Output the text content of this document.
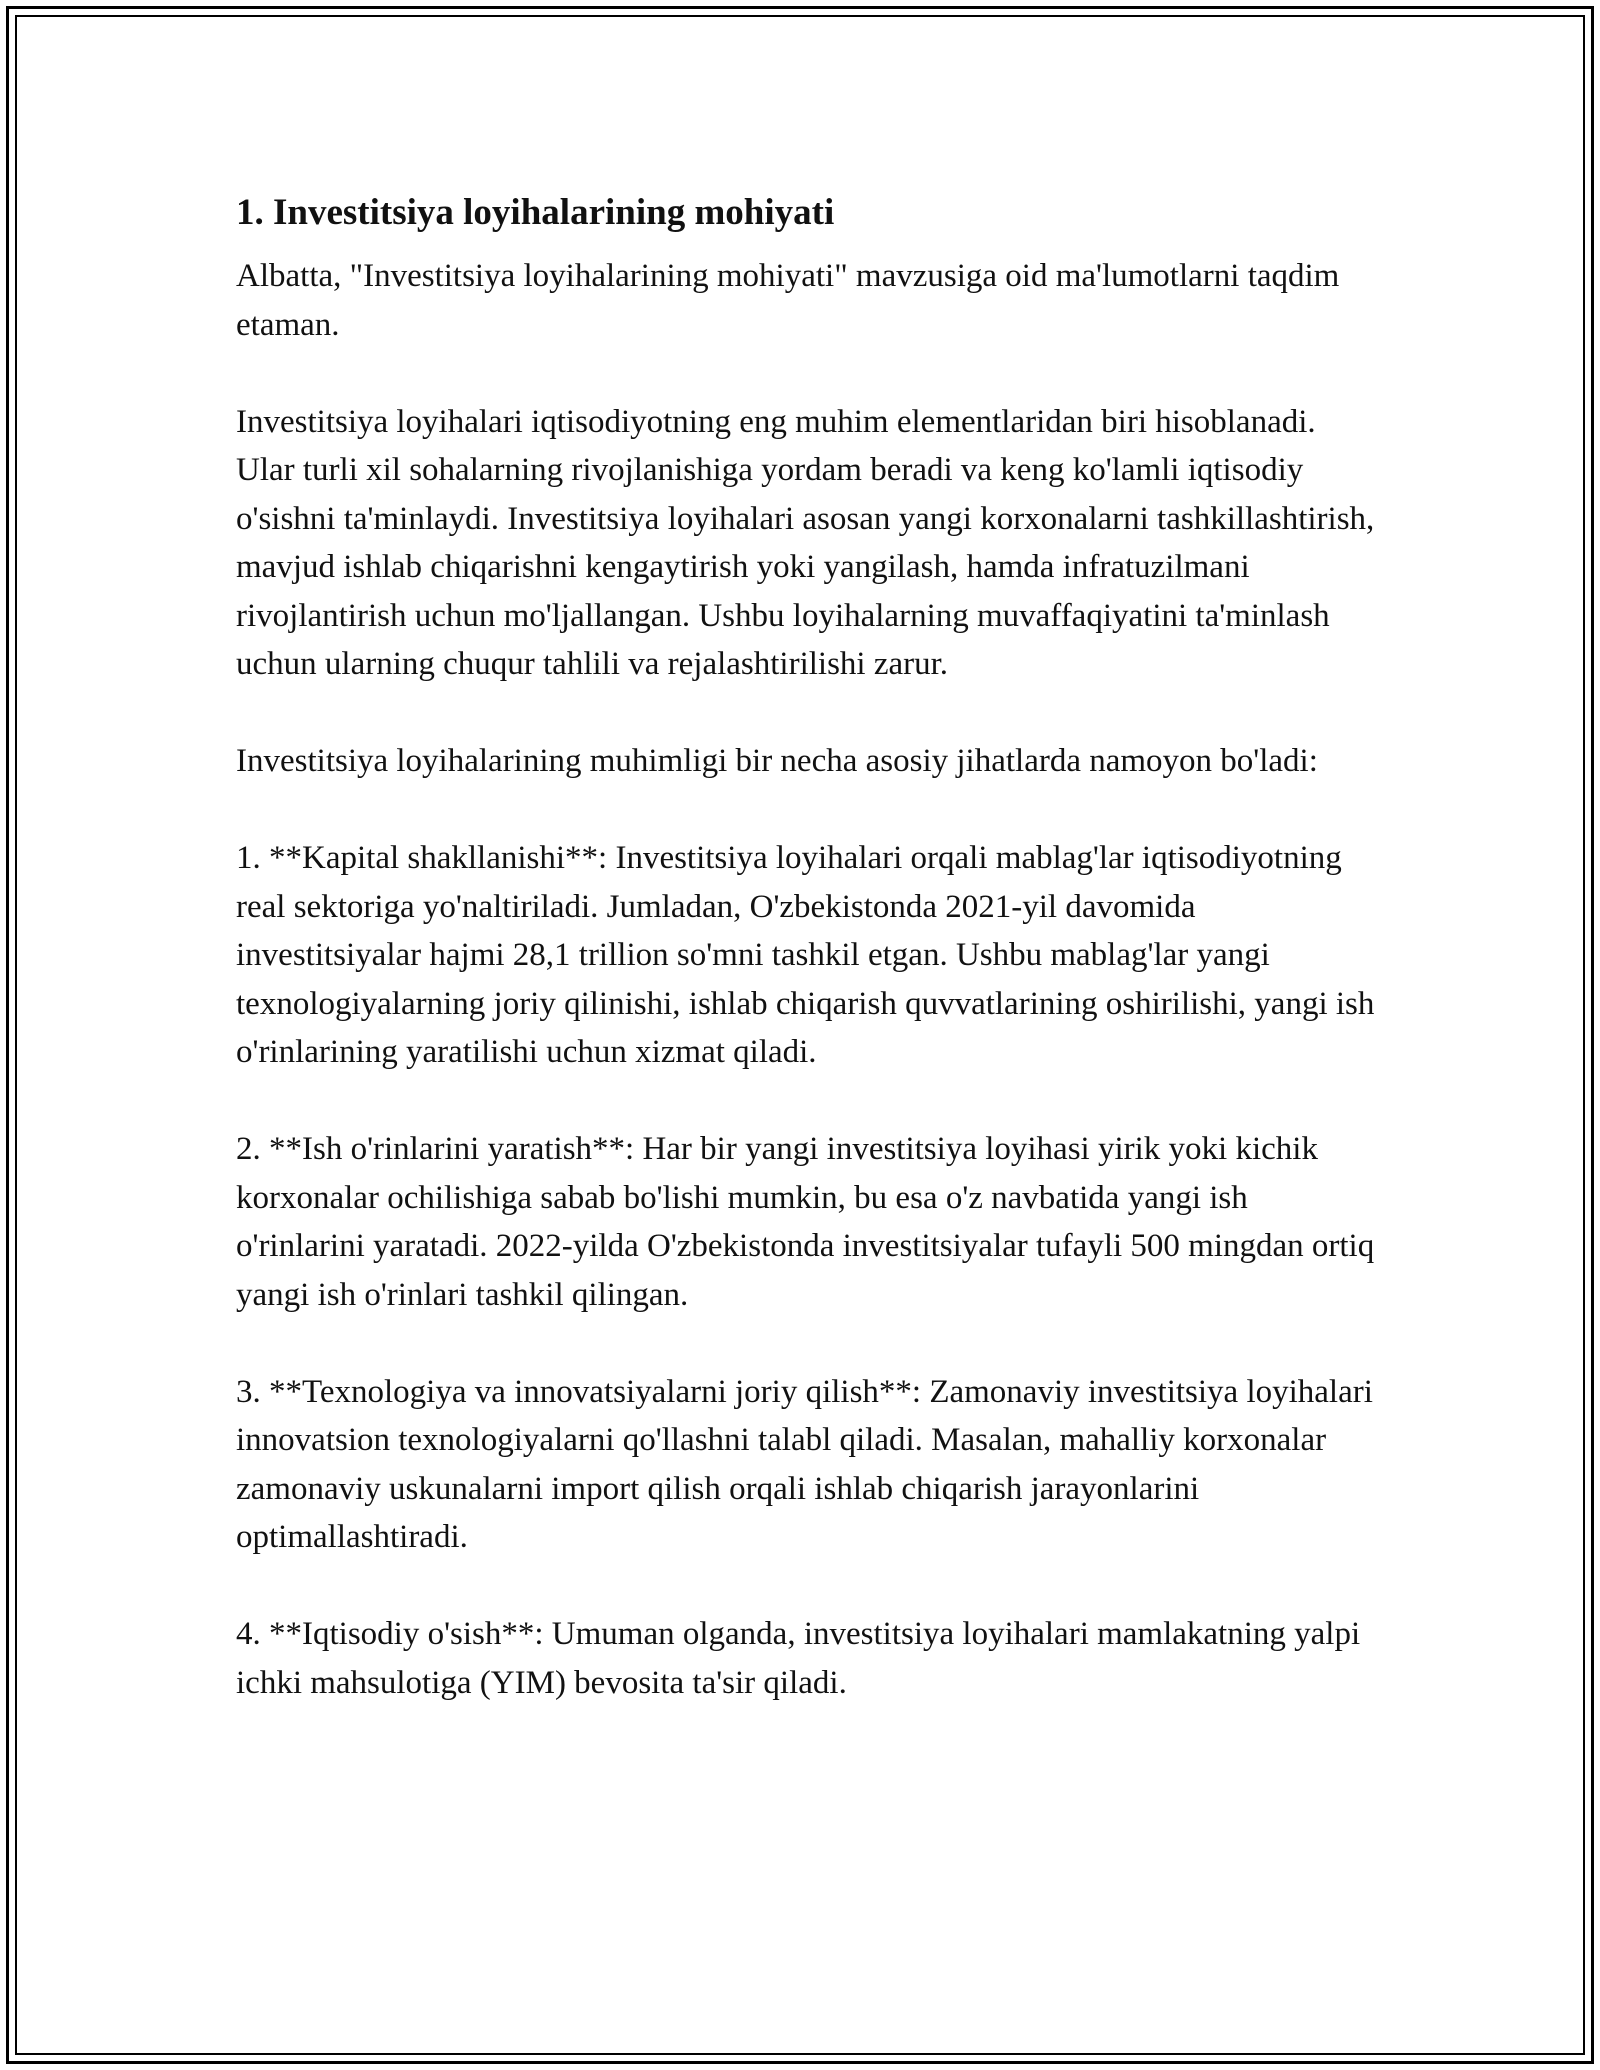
1. Investitsiya loyihalarining mohiyati

Albatta, "Investitsiya loyihalarining mohiyati" mavzusiga oid ma'lumotlarni taqdim etaman.

Investitsiya loyihalari iqtisodiyotning eng muhim elementlaridan biri hisoblanadi. Ular turli xil sohalarning rivojlanishiga yordam beradi va keng ko'lamli iqtisodiy o'sishni ta'minlaydi. Investitsiya loyihalari asosan yangi korxonalarni tashkillashtirish, mavjud ishlab chiqarishni kengaytirish yoki yangilash, hamda infratuzilmani rivojlantirish uchun mo'ljallangan. Ushbu loyihalarning muvaffaqiyatini ta'minlash uchun ularning chuqur tahlili va rejalashtirilishi zarur.

Investitsiya loyihalarining muhimligi bir necha asosiy jihatlarda namoyon bo'ladi:

1. **Kapital shakllanishi**: Investitsiya loyihalari orqali mablag'lar iqtisodiyotning real sektoriga yo'naltiriladi. Jumladan, O'zbekistonda 2021-yil davomida investitsiyalar hajmi 28,1 trillion so'mni tashkil etgan. Ushbu mablag'lar yangi texnologiyalarning joriy qilinishi, ishlab chiqarish quvvatlarining oshirilishi, yangi ish o'rinlarining yaratilishi uchun xizmat qiladi.

2. **Ish o'rinlarini yaratish**: Har bir yangi investitsiya loyihasi yirik yoki kichik korxonalar ochilishiga sabab bo'lishi mumkin, bu esa o'z navbatida yangi ish o'rinlarini yaratadi. 2022-yilda O'zbekistonda investitsiyalar tufayli 500 mingdan ortiq yangi ish o'rinlari tashkil qilingan.

3. **Texnologiya va innovatsiyalarni joriy qilish**: Zamonaviy investitsiya loyihalari innovatsion texnologiyalarni qo'llashni talabl qiladi. Masalan, mahalliy korxonalar zamonaviy uskunalarni import qilish orqali ishlab chiqarish jarayonlarini optimallashtiradi.

4. **Iqtisodiy o'sish**: Umuman olganda, investitsiya loyihalari mamlakatning yalpi ichki mahsulotiga (YIM) bevosita ta'sir qiladi.
